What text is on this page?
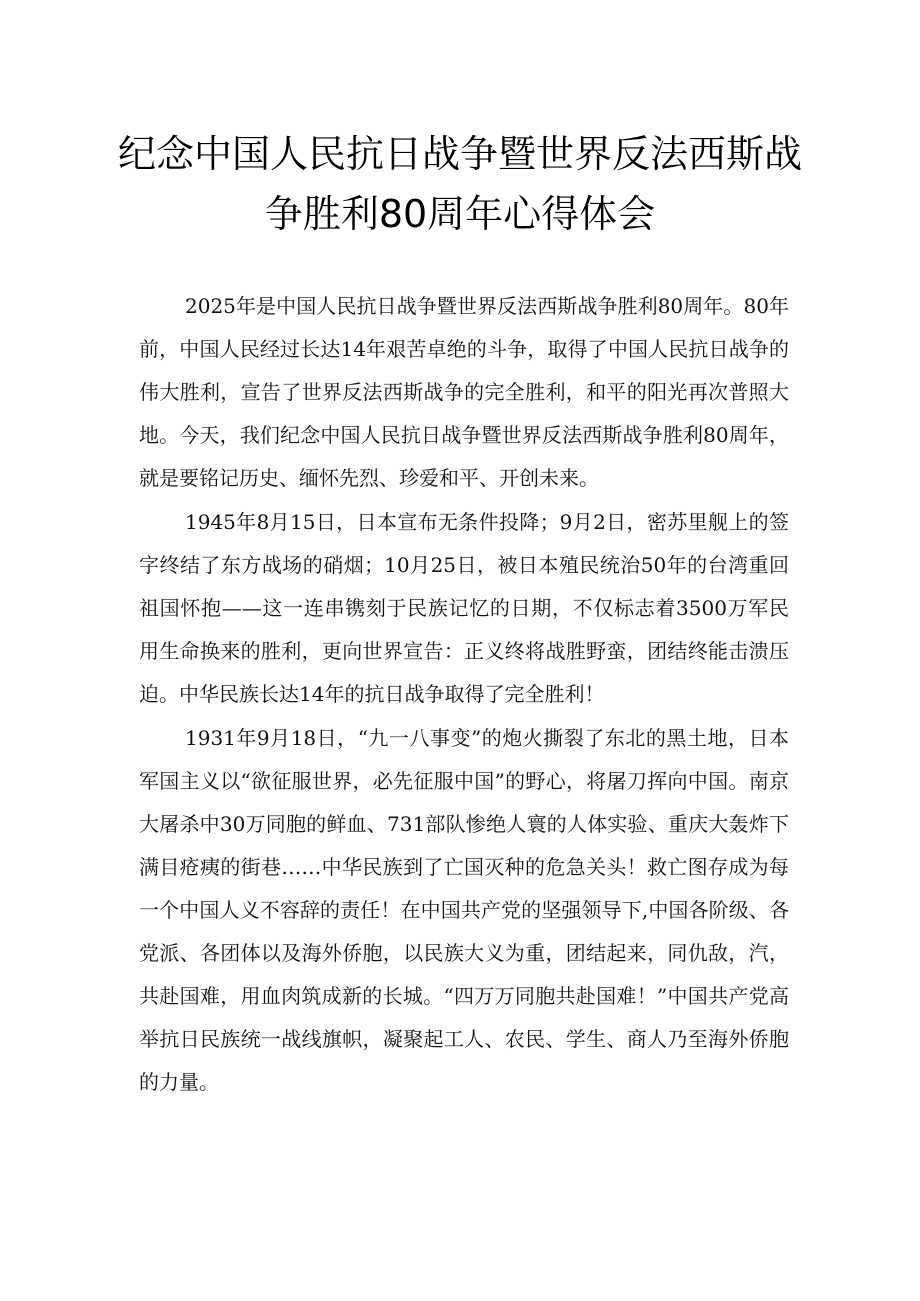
纪念中国人民抗日战争暨世界反法西斯战
争胜利80周年心得体会

2025年是中国人民抗日战争暨世界反法西斯战争胜利80周年。80年前，中国人民经过长达14年艰苦卓绝的斗争，取得了中国人民抗日战争的伟大胜利，宣告了世界反法西斯战争的完全胜利，和平的阳光再次普照大地。今天，我们纪念中国人民抗日战争暨世界反法西斯战争胜利80周年，就是要铭记历史、缅怀先烈、珍爱和平、开创未来。

1945年8月15日，日本宣布无条件投降；9月2日，密苏里舰上的签字终结了东方战场的硝烟；10月25日，被日本殖民统治50年的台湾重回祖国怀抱——这一连串镌刻于民族记忆的日期，不仅标志着3500万军民用生命换来的胜利，更向世界宣告：正义终将战胜野蛮，团结终能击溃压迫。中华民族长达14年的抗日战争取得了完全胜利！

1931年9月18日，“九一八事变”的炮火撕裂了东北的黑土地，日本军国主义以“欲征服世界，必先征服中国”的野心，将屠刀挥向中国。南京大屠杀中30万同胞的鲜血、731部队惨绝人寰的人体实验、重庆大轰炸下满目疮痍的街巷……中华民族到了亡国灭种的危急关头！救亡图存成为每一个中国人义不容辞的责任！在中国共产党的坚强领导下,中国各阶级、各党派、各团体以及海外侨胞，以民族大义为重，团结起来，同仇敌，汽，共赴国难，用血肉筑成新的长城。“四万万同胞共赴国难！”中国共产党高举抗日民族统一战线旗帜，凝聚起工人、农民、学生、商人乃至海外侨胞的力量。
